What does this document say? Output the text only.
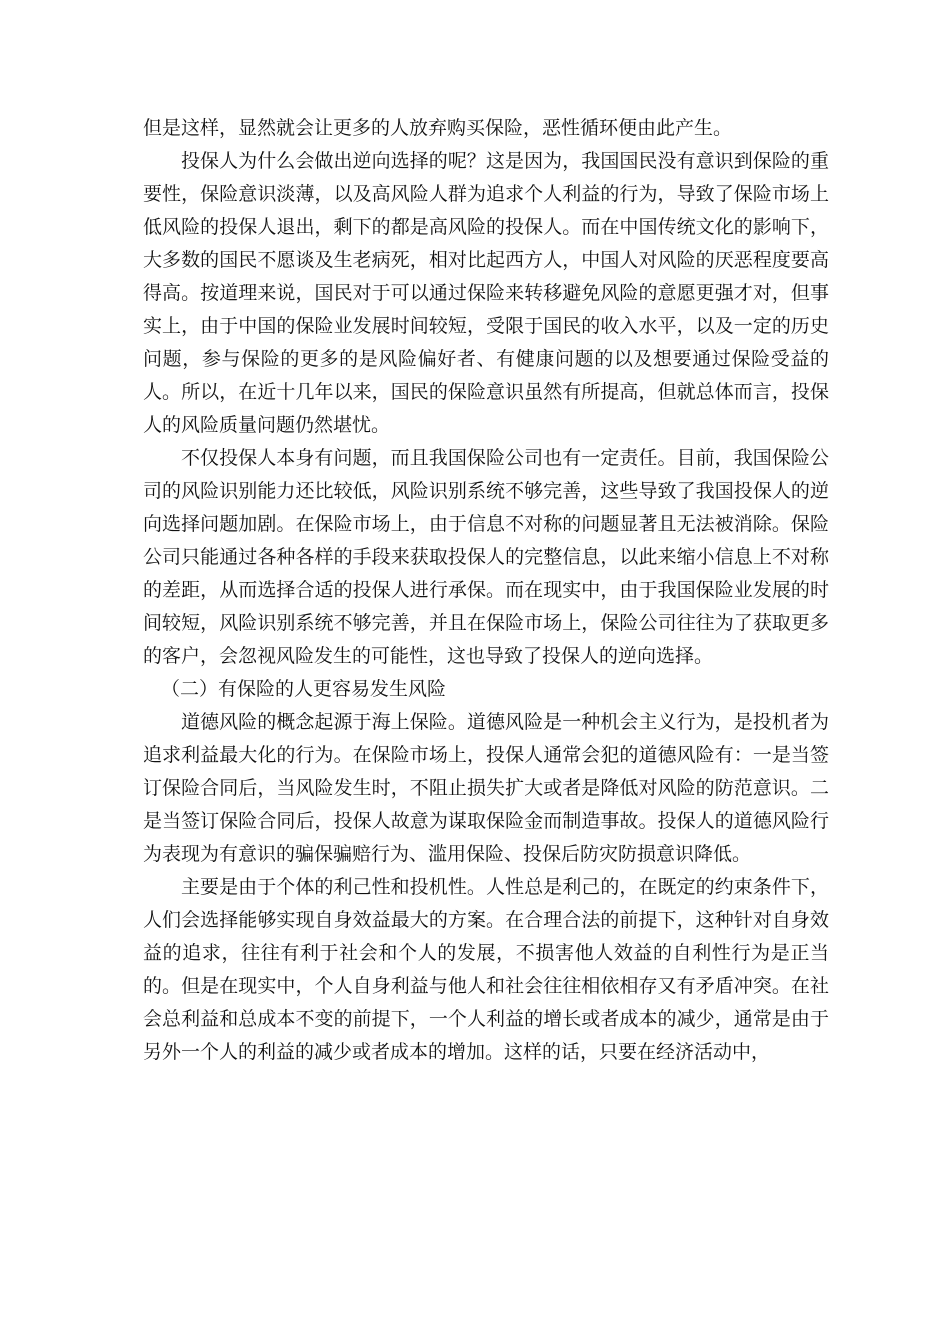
但是这样，显然就会让更多的人放弃购买保险，恶性循环便由此产生。

投保人为什么会做出逆向选择的呢？这是因为，我国国民没有意识到保险的重要性，保险意识淡薄，以及高风险人群为追求个人利益的行为，导致了保险市场上低风险的投保人退出，剩下的都是高风险的投保人。而在中国传统文化的影响下，大多数的国民不愿谈及生老病死，相对比起西方人，中国人对风险的厌恶程度要高得高。按道理来说，国民对于可以通过保险来转移避免风险的意愿更强才对，但事实上，由于中国的保险业发展时间较短，受限于国民的收入水平，以及一定的历史问题，参与保险的更多的是风险偏好者、有健康问题的以及想要通过保险受益的人。所以，在近十几年以来，国民的保险意识虽然有所提高，但就总体而言，投保人的风险质量问题仍然堪忧。

不仅投保人本身有问题，而且我国保险公司也有一定责任。目前，我国保险公司的风险识别能力还比较低，风险识别系统不够完善，这些导致了我国投保人的逆向选择问题加剧。在保险市场上，由于信息不对称的问题显著且无法被消除。保险公司只能通过各种各样的手段来获取投保人的完整信息，以此来缩小信息上不对称的差距，从而选择合适的投保人进行承保。而在现实中，由于我国保险业发展的时间较短，风险识别系统不够完善，并且在保险市场上，保险公司往往为了获取更多的客户，会忽视风险发生的可能性，这也导致了投保人的逆向选择。

（二）有保险的人更容易发生风险

道德风险的概念起源于海上保险。道德风险是一种机会主义行为，是投机者为追求利益最大化的行为。在保险市场上，投保人通常会犯的道德风险有：一是当签订保险合同后，当风险发生时，不阻止损失扩大或者是降低对风险的防范意识。二是当签订保险合同后，投保人故意为谋取保险金而制造事故。投保人的道德风险行为表现为有意识的骗保骗赔行为、滥用保险、投保后防灾防损意识降低。

主要是由于个体的利己性和投机性。人性总是利己的，在既定的约束条件下，人们会选择能够实现自身效益最大的方案。在合理合法的前提下，这种针对自身效益的追求，往往有利于社会和个人的发展，不损害他人效益的自利性行为是正当的。但是在现实中，个人自身利益与他人和社会往往相依相存又有矛盾冲突。在社会总利益和总成本不变的前提下，一个人利益的增长或者成本的减少，通常是由于另外一个人的利益的减少或者成本的增加。这样的话，只要在经济活动中，
